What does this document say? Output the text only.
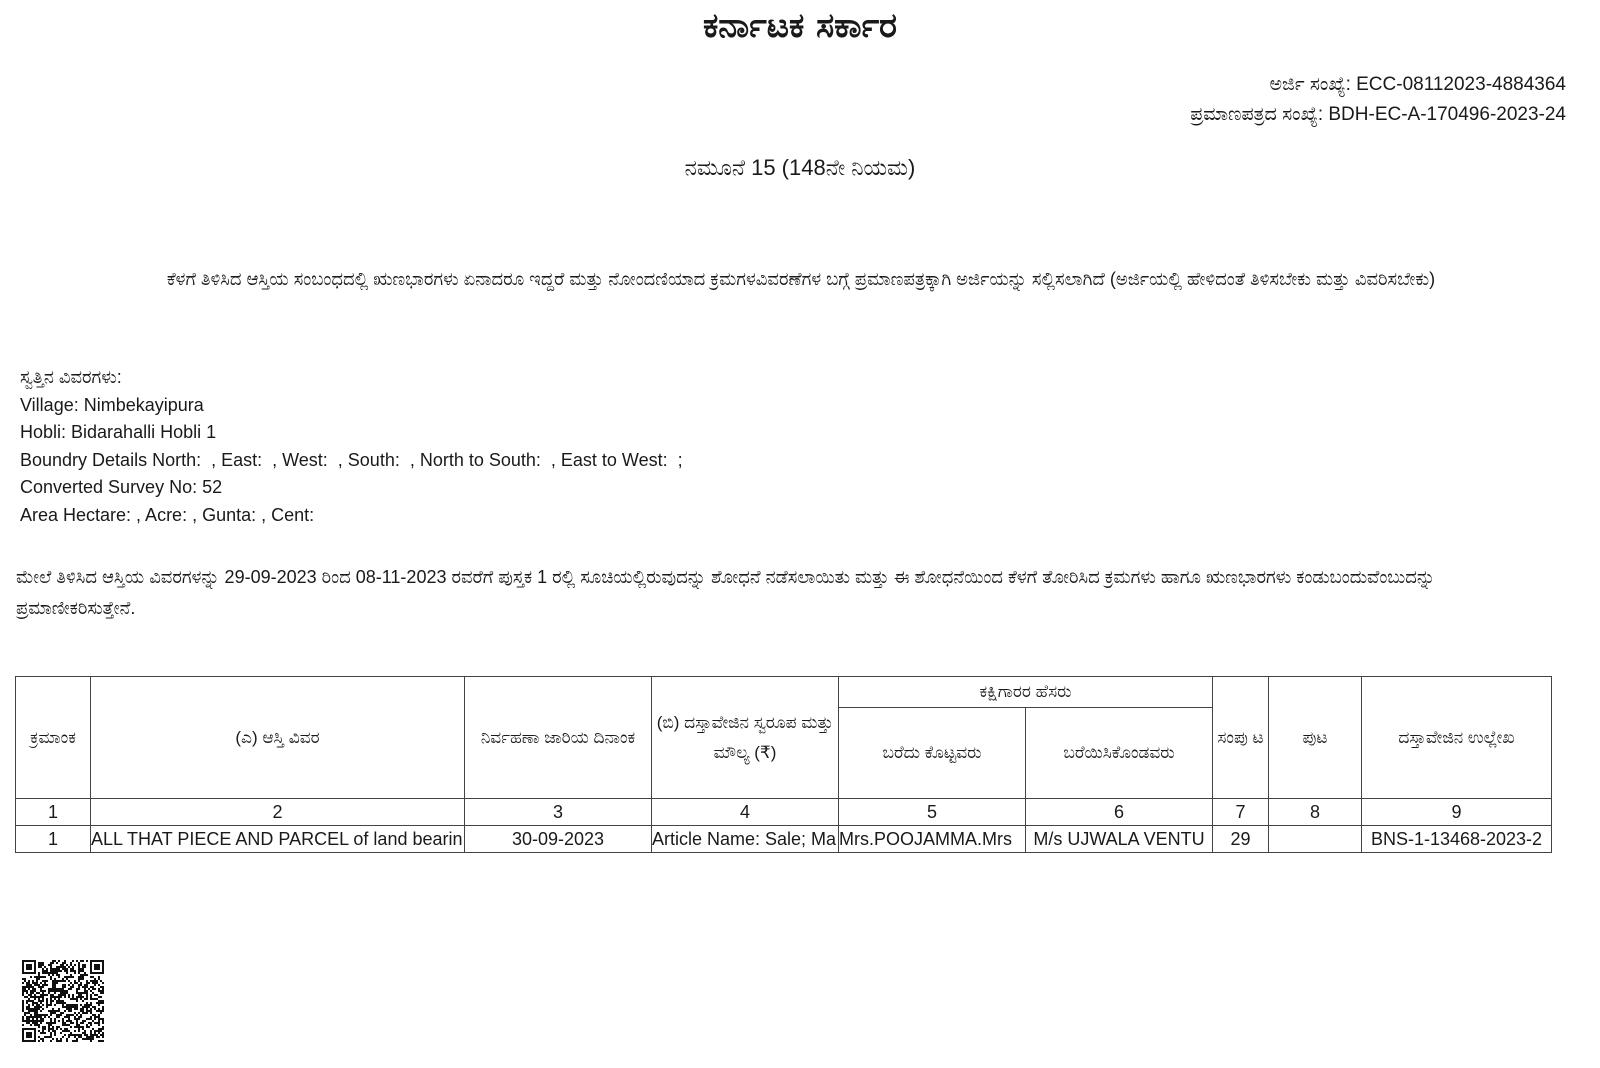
ಕರ್ನಾಟಕ ಸರ್ಕಾರ
ಅರ್ಜಿ ಸಂಖ್ಯೆ: ECC-08112023-4884364
ಪ್ರಮಾಣಪತ್ರದ ಸಂಖ್ಯೆ: BDH-EC-A-170496-2023-24
ನಮೂನೆ 15 (148ನೇ ನಿಯಮ)
ಕೆಳಗೆ ತಿಳಿಸಿದ ಆಸ್ತಿಯ ಸಂಬಂಧದಲ್ಲಿ ಋಣಭಾರಗಳು ಏನಾದರೂ ಇದ್ದರೆ ಮತ್ತು ನೋಂದಣಿಯಾದ ಕ್ರಮಗಳವಿವರಣೆಗಳ ಬಗ್ಗೆ ಪ್ರಮಾಣಪತ್ರಕ್ಕಾಗಿ ಅರ್ಜಿಯನ್ನು ಸಲ್ಲಿಸಲಾಗಿದೆ (ಅರ್ಜಿಯಲ್ಲಿ ಹೇಳಿದಂತೆ ತಿಳಿಸಬೇಕು ಮತ್ತು ವಿವರಿಸಬೇಕು)
ಸ್ವತ್ತಿನ ವಿವರಗಳು:
Village: Nimbekayipura
Hobli: Bidarahalli Hobli 1
Boundry Details North:  , East:  , West:  , South:  , North to South:  , East to West:  ;
Converted Survey No: 52
Area Hectare: , Acre: , Gunta: , Cent:
ಮೇಲೆ ತಿಳಿಸಿದ ಆಸ್ತಿಯ ವಿವರಗಳನ್ನು 29-09-2023 ರಿಂದ 08-11-2023 ರವರೆಗೆ ಪುಸ್ತಕ 1 ರಲ್ಲಿ ಸೂಚಿಯಲ್ಲಿರುವುದನ್ನು ಶೋಧನೆ ನಡೆಸಲಾಯಿತು ಮತ್ತು ಈ ಶೋಧನೆಯಿಂದ ಕೆಳಗೆ ತೋರಿಸಿದ ಕ್ರಮಗಳು ಹಾಗೂ ಋಣಭಾರಗಳು ಕಂಡುಬಂದುವೆಂಬುದನ್ನು ಪ್ರಮಾಣೀಕರಿಸುತ್ತೇನೆ.
ಕ್ರಮಾಂಕ	(ಎ) ಆಸ್ತಿ ವಿವರ	ನಿರ್ವಹಣಾ ಜಾರಿಯ ದಿನಾಂಕ	(ಬಿ) ದಸ್ತಾವೇಜಿನ ಸ್ವರೂಪ ಮತ್ತು ಮೌಲ್ಯ (₹)	ಕಕ್ಷಿಗಾರರ ಹೆಸರು		ಸಂಪು ಟ	ಪುಟ	ದಸ್ತಾವೇಜಿನ ಉಲ್ಲೇಖ
				ಬರೆದು ಕೊಟ್ಟವರು	ಬರೆಯಿಸಿಕೊಂಡವರು			
1	2	3	4	5	6	7	8	9
1	ALL THAT PIECE AND PARCEL of land bearin	30-09-2023	Article Name: Sale; Ma	Mrs.POOJAMMA.Mrs	M/s UJWALA VENTU	29		BNS-1-13468-2023-2
